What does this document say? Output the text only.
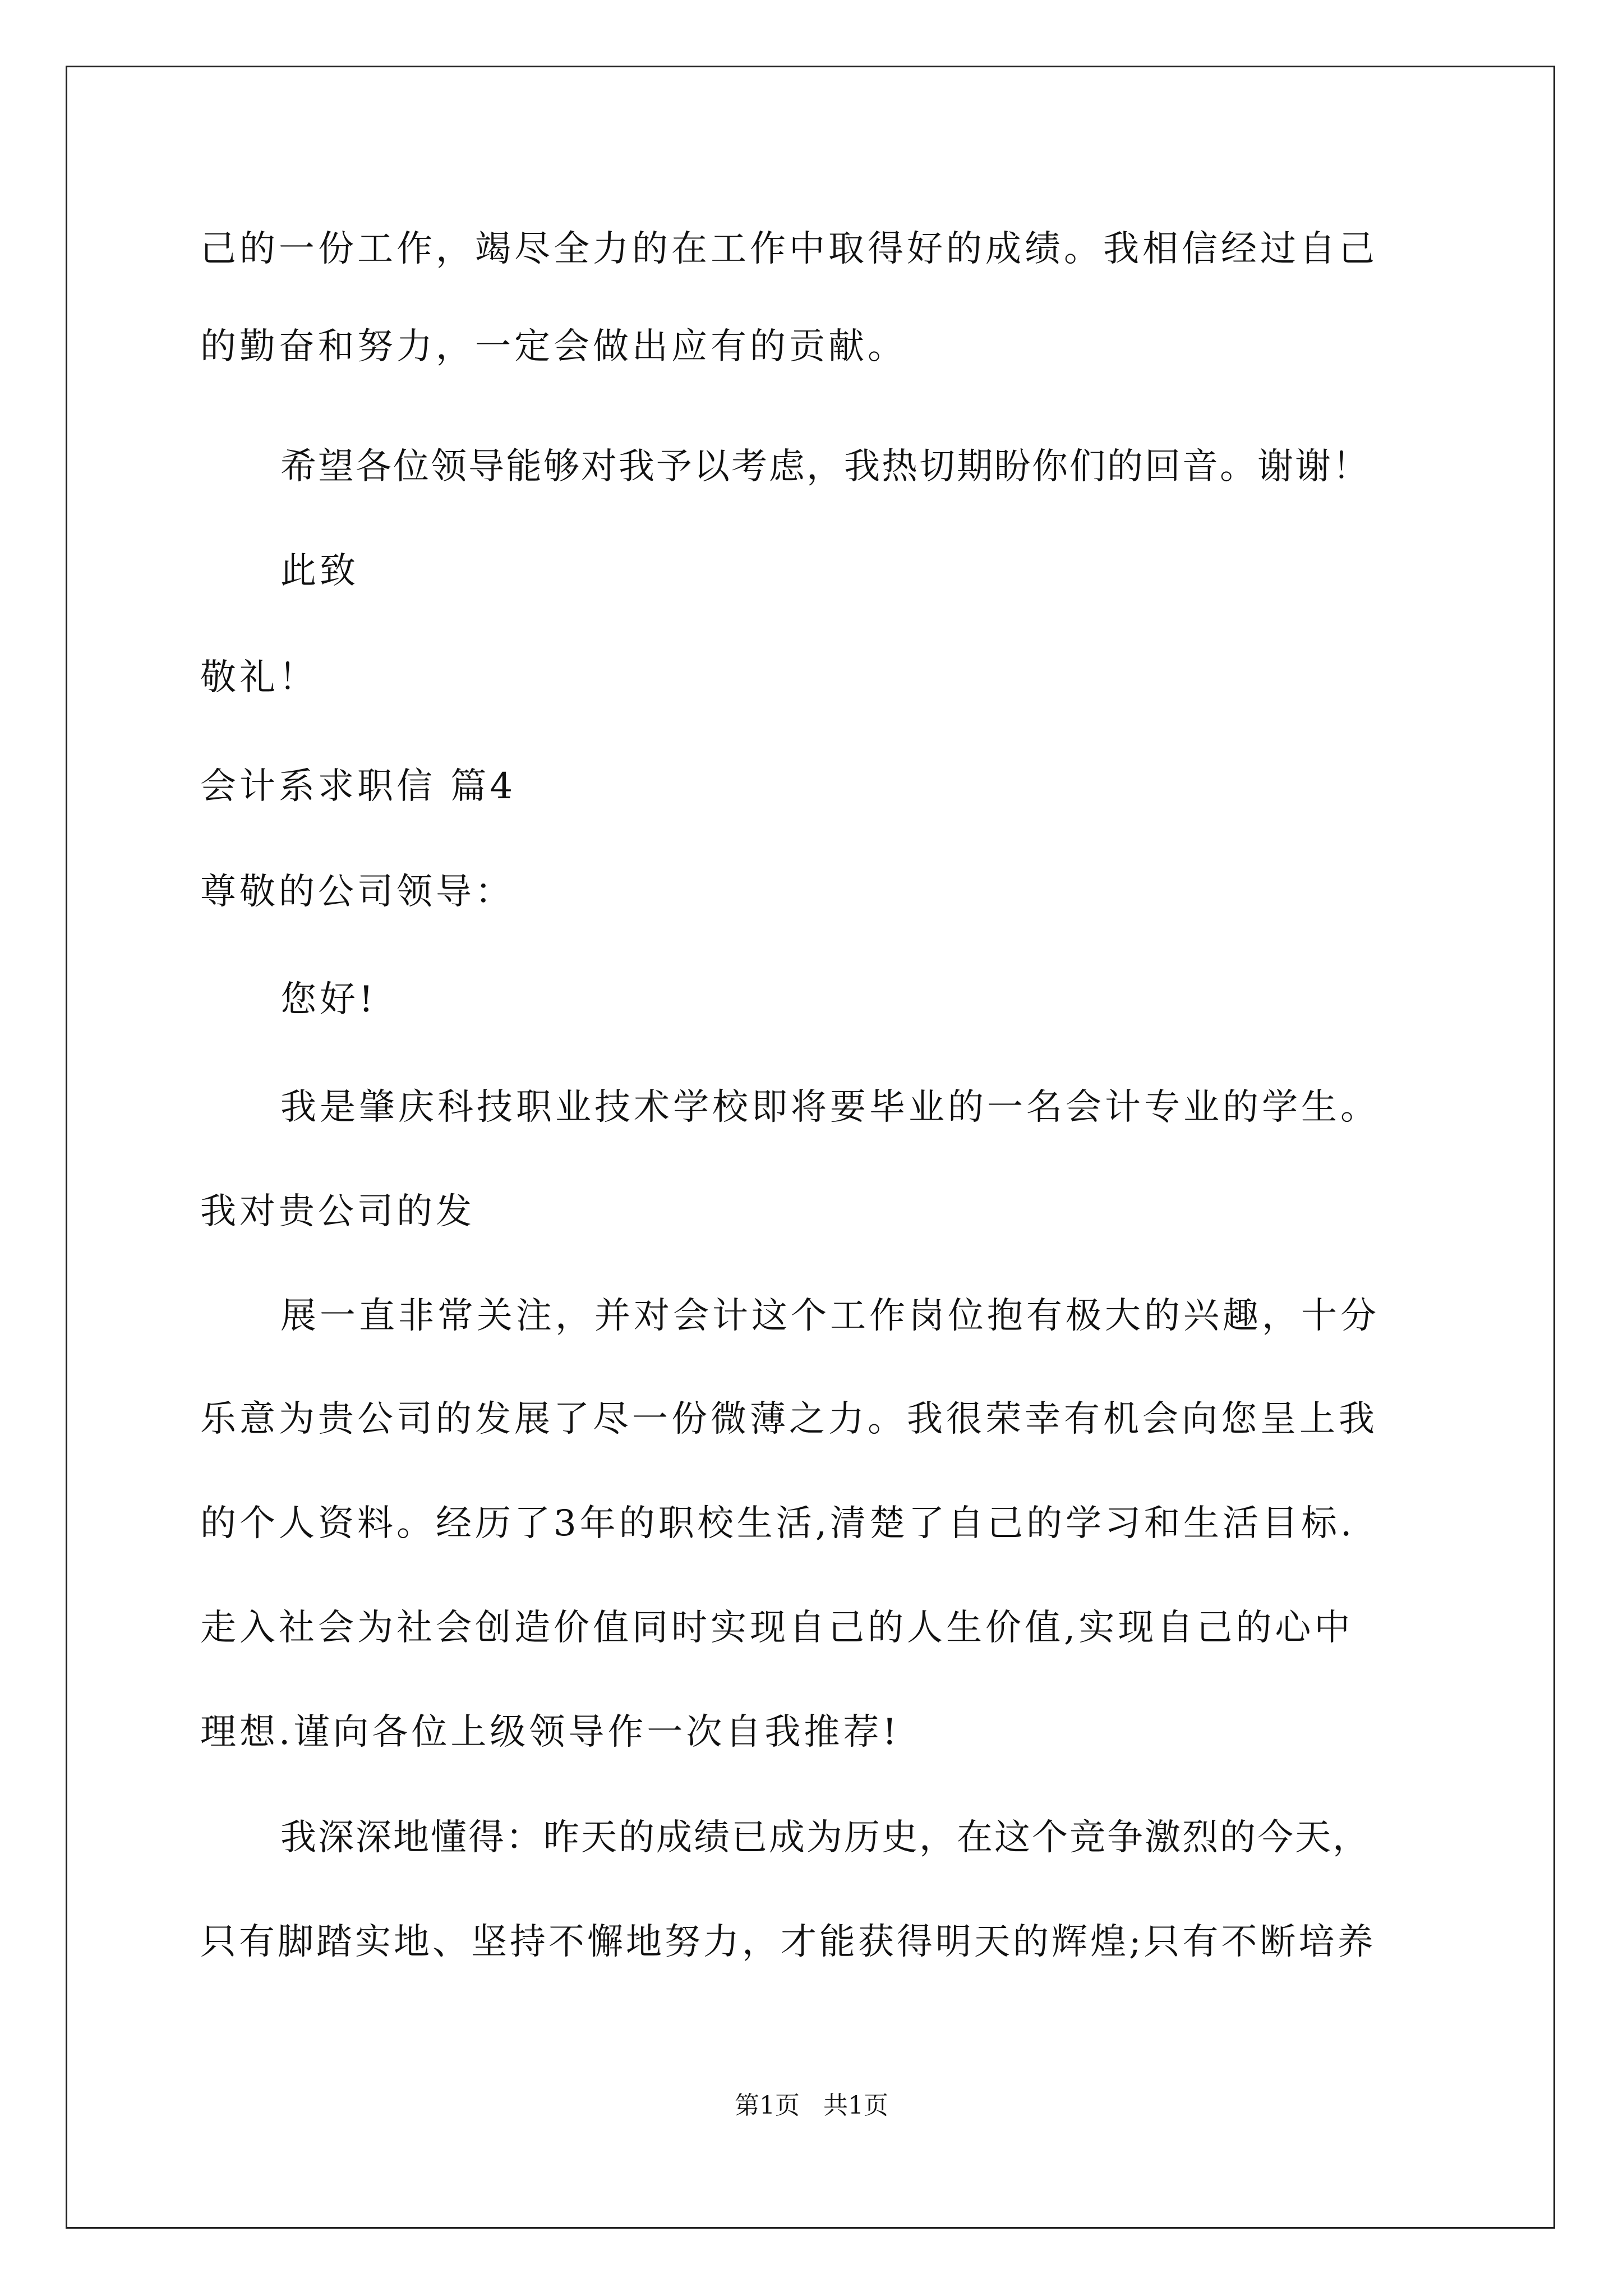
己的一份工作，竭尽全力的在工作中取得好的成绩。我相信经过自己
的勤奋和努力，一定会做出应有的贡献。
希望各位领导能够对我予以考虑，我热切期盼你们的回音。谢谢！
此致
敬礼！
会计系求职信 篇4
尊敬的公司领导：
您好!
我是肇庆科技职业技术学校即将要毕业的一名会计专业的学生。
我对贵公司的发
展一直非常关注，并对会计这个工作岗位抱有极大的兴趣，十分
乐意为贵公司的发展了尽一份微薄之力。我很荣幸有机会向您呈上我
的个人资料。经历了3年的职校生活,清楚了自己的学习和生活目标.
走入社会为社会创造价值同时实现自己的人生价值,实现自己的心中
理想.谨向各位上级领导作一次自我推荐!
我深深地懂得：昨天的成绩已成为历史，在这个竞争激烈的今天，
只有脚踏实地、坚持不懈地努力，才能获得明天的辉煌;只有不断培养
第1页   共1页
